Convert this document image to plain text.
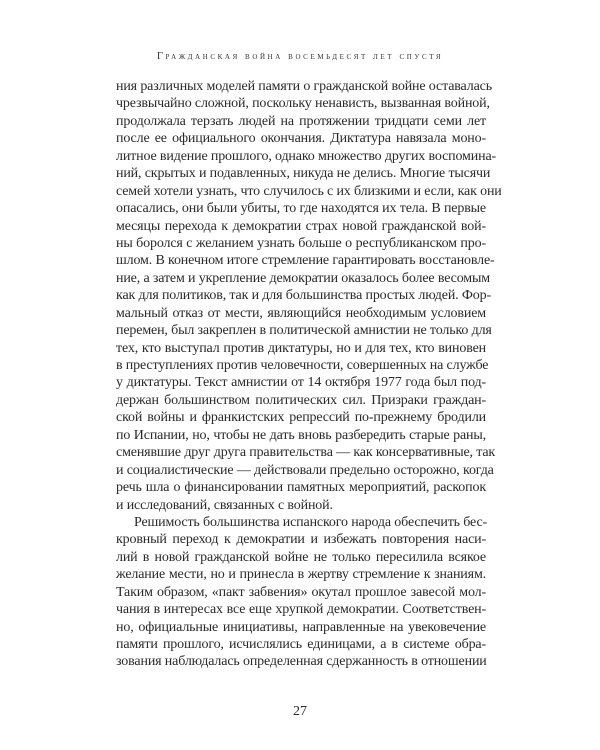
Гражданская война восемьдесят лет спустя
ния различных моделей памяти о гражданской войне оставалась
чрезвычайно сложной, поскольку ненависть, вызванная войной,
продолжала терзать людей на протяжении тридцати семи лет
после ее официального окончания. Диктатура навязала моно-
литное видение прошлого, однако множество других воспомина-
ний, скрытых и подавленных, никуда не делись. Многие тысячи
семей хотели узнать, что случилось с их близкими и если, как они
опасались, они были убиты, то где находятся их тела. В первые
месяцы перехода к демократии страх новой гражданской вой-
ны боролся с желанием узнать больше о республиканском про-
шлом. В конечном итоге стремление гарантировать восстановле-
ние, а затем и укрепление демократии оказалось более весомым
как для политиков, так и для большинства простых людей. Фор-
мальный отказ от мести, являющийся необходимым условием
перемен, был закреплен в политической амнистии не только для
тех, кто выступал против диктатуры, но и для тех, кто виновен
в преступлениях против человечности, совершенных на службе
у диктатуры. Текст амнистии от 14 октября 1977 года был под-
держан большинством политических сил. Призраки граждан-
ской войны и франкистских репрессий по-прежнему бродили
по Испании, но, чтобы не дать вновь разбередить старые раны,
сменявшие друг друга правительства — как консервативные, так
и социалистические — действовали предельно осторожно, когда
речь шла о финансировании памятных мероприятий, раскопок
и исследований, связанных с войной.
Решимость большинства испанского народа обеспечить бес-
кровный переход к демократии и избежать повторения наси-
лий в новой гражданской войне не только пересилила всякое
желание мести, но и принесла в жертву стремление к знаниям.
Таким образом, «пакт забвения» окутал прошлое завесой мол-
чания в интересах все еще хрупкой демократии. Соответствен-
но, официальные инициативы, направленные на увековечение
памяти прошлого, исчислялись единицами, а в системе обра-
зования наблюдалась определенная сдержанность в отношении
27
